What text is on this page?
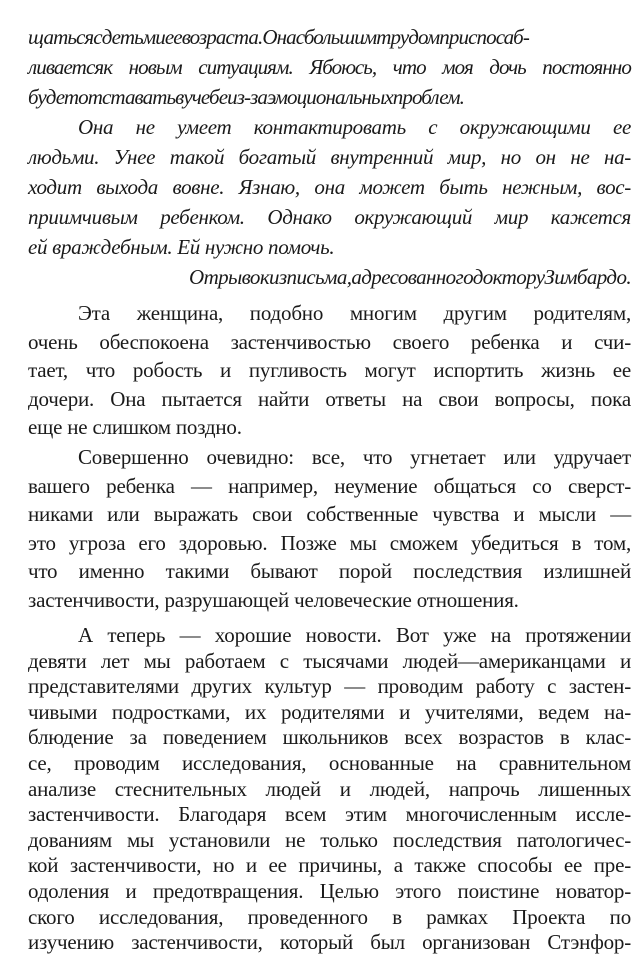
щатьсясдетьмиеевозраста.Онасбольшимтрудомприспосаб-
ливаетсяк новым ситуациям. Ябоюсь, что моя дочь постоянно
будетотставатьвучебеиз-заэмоциональныхпроблем.
Она не умеет контактировать с окружающими ее
людьми. Унее такой богатый внутренний мир, но он не на-
ходит выхода вовне. Язнаю, она может быть нежным, вос-
приимчивым ребенком. Однако окружающий мир кажется
ей враждебным. Ей нужно помочь.
Отрывокизписьма,адресованногодокторуЗимбардо.
Эта женщина, подобно многим другим родителям,
очень обеспокоена застенчивостью своего ребенка и счи-
тает, что робость и пугливость могут испортить жизнь ее
дочери. Она пытается найти ответы на свои вопросы, пока
еще не слишком поздно.
Совершенно очевидно: все, что угнетает или удручает
вашего ребенка — например, неумение общаться со сверст-
никами или выражать свои собственные чувства и мысли —
это угроза его здоровью. Позже мы сможем убедиться в том,
что именно такими бывают порой последствия излишней
застенчивости, разрушающей человеческие отношения.
А теперь — хорошие новости. Вот уже на протяжении
девяти лет мы работаем с тысячами людей—американцами и
представителями других культур — проводим работу с застен-
чивыми подростками, их родителями и учителями, ведем на-
блюдение за поведением школьников всех возрастов в клас-
се, проводим исследования, основанные на сравнительном
анализе стеснительных людей и людей, напрочь лишенных
застенчивости. Благодаря всем этим многочисленным иссле-
дованиям мы установили не только последствия патологичес-
кой застенчивости, но и ее причины, а также способы ее пре-
одоления и предотвращения. Целью этого поистине новатор-
ского исследования, проведенного в рамках Проекта по
изучению застенчивости, который был организован Стэнфор-
